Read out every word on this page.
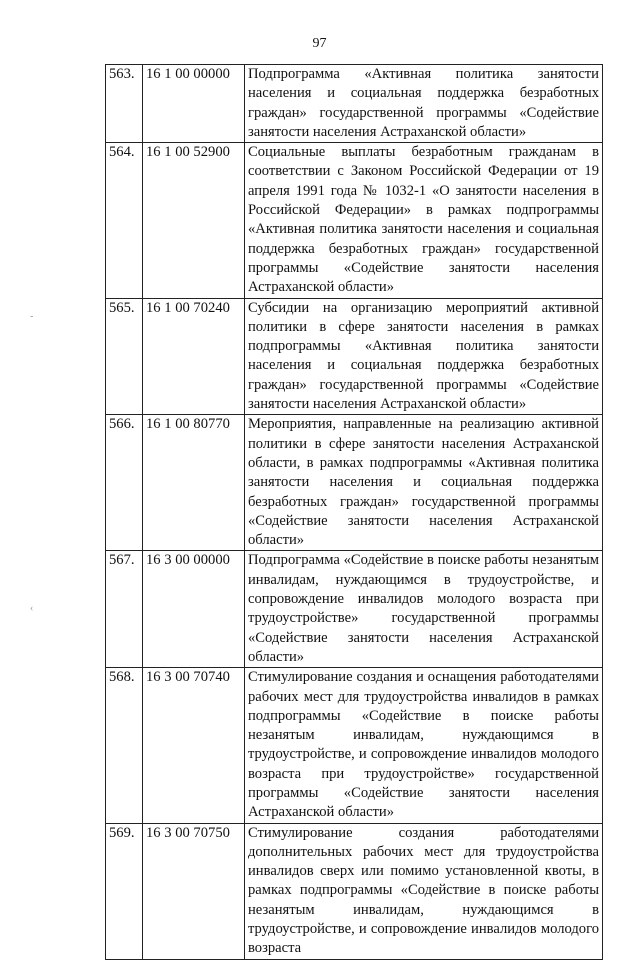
97
-
‹
563.	16 1 00 00000	Подпрограмма «Активная политика занятости населения и социальная поддержка безработных граждан» государственной программы «Содействие занятости населения Астраханской области»
564.	16 1 00 52900	Социальные выплаты безработным гражданам в соответствии с Законом Российской Федерации от 19 апреля 1991 года № 1032-1 «О занятости населения в Российской Федерации» в рамках подпрограммы «Активная политика занятости населения и социальная поддержка безработных граждан» государственной программы «Содействие занятости населения Астраханской области»
565.	16 1 00 70240	Субсидии на организацию мероприятий активной политики в сфере занятости населения в рамках подпрограммы «Активная политика занятости населения и социальная поддержка безработных граждан» государственной программы «Содействие занятости населения Астраханской области»
566.	16 1 00 80770	Мероприятия, направленные на реализацию активной политики в сфере занятости населения Астраханской области, в рамках подпрограммы «Активная политика занятости населения и социальная поддержка безработных граждан» государственной программы «Содействие занятости населения Астраханской области»
567.	16 3 00 00000	Подпрограмма «Содействие в поиске работы незанятым инвалидам, нуждающимся в трудоустройстве, и сопровождение инвалидов молодого возраста при трудоустройстве» государственной программы «Содействие занятости населения Астраханской области»
568.	16 3 00 70740	Стимулирование создания и оснащения работодателями рабочих мест для трудоустройства инвалидов в рамках подпрограммы «Содействие в поиске работы незанятым инвалидам, нуждающимся в трудоустройстве, и сопровождение инвалидов молодого возраста при трудоустройстве» государственной программы «Содействие занятости населения Астраханской области»
569.	16 3 00 70750	Стимулирование создания работодателями дополнительных рабочих мест для трудоустройства инвалидов сверх или помимо установленной квоты, в рамках подпрограммы «Содействие в поиске работы незанятым инвалидам, нуждающимся в трудоустройстве, и сопровождение инвалидов молодого возраста
